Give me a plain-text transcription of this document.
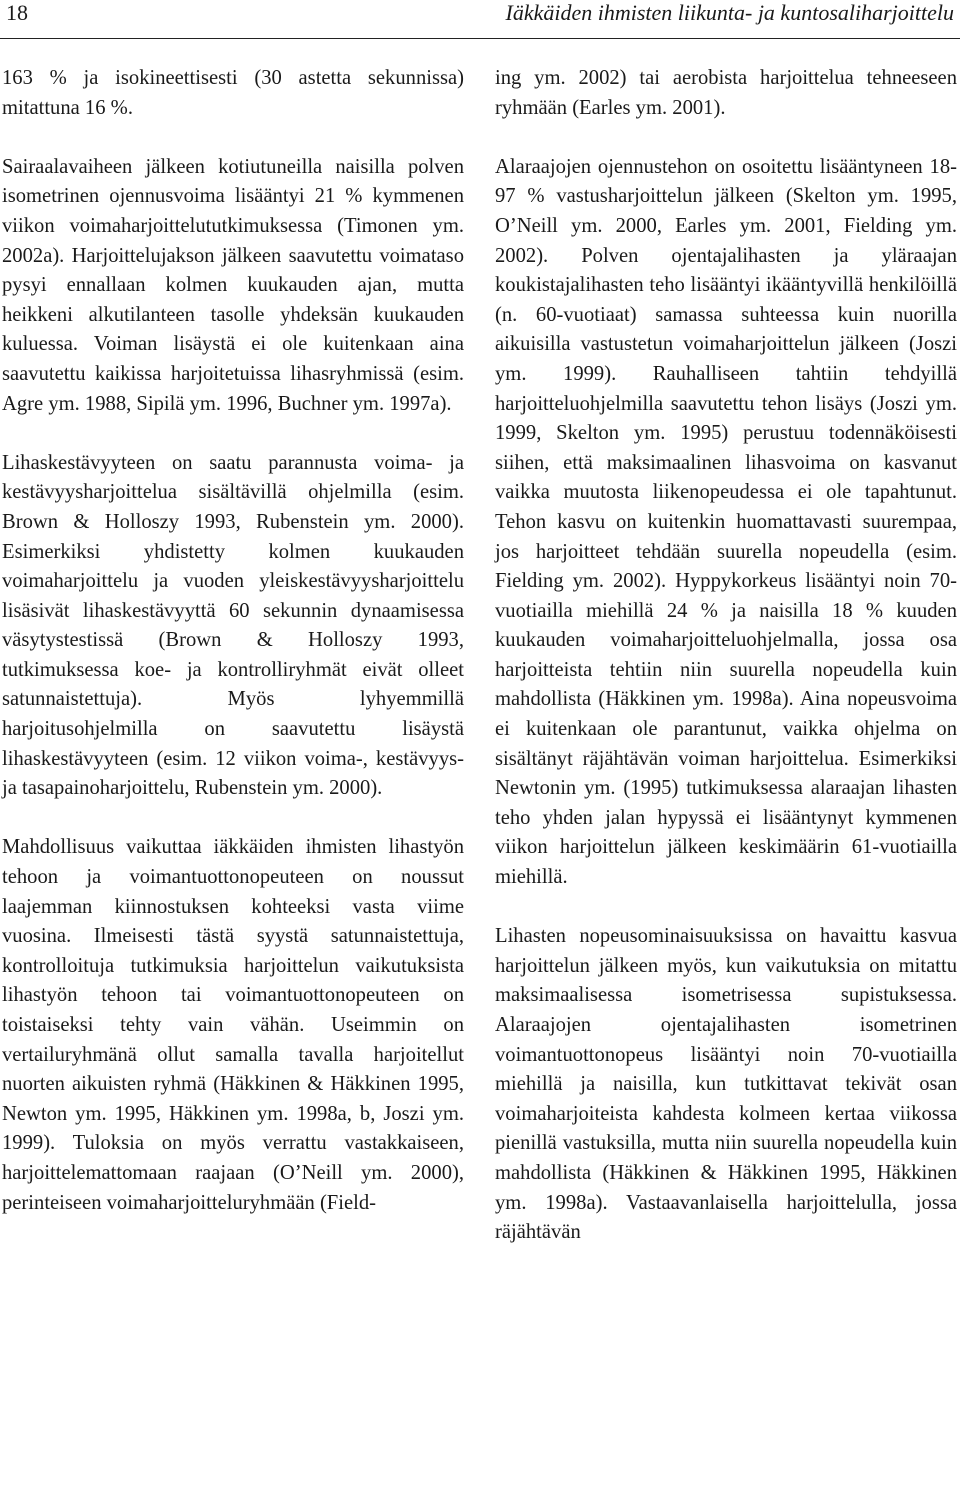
18	Iäkkäiden ihmisten liikunta- ja kuntosaliharjoittelu

163 % ja isokineettisesti (30 astetta sekunnissa) mitattuna 16 %.

Sairaalavaiheen jälkeen kotiutuneilla naisilla polven isometrinen ojennusvoima lisääntyi 21 % kymmenen viikon voimaharjoittelututkimuksessa (Timonen ym. 2002a). Harjoittelujakson jälkeen saavutettu voimataso pysyi ennallaan kolmen kuukauden ajan, mutta heikkeni alkutilanteen tasolle yhdeksän kuukauden kuluessa. Voiman lisäystä ei ole kuitenkaan aina saavutettu kaikissa harjoitetuissa lihasryhmissä (esim. Agre ym. 1988, Sipilä ym. 1996, Buchner ym. 1997a).

Lihaskestävyyteen on saatu parannusta voima- ja kestävyysharjoittelua sisältävillä ohjelmilla (esim. Brown & Holloszy 1993, Rubenstein ym. 2000). Esimerkiksi yhdistetty kolmen kuukauden voimaharjoittelu ja vuoden yleiskestävyysharjoittelu lisäsivät lihaskestävyyttä 60 sekunnin dynaamisessa väsytystestissä (Brown & Holloszy 1993, tutkimuksessa koe- ja kontrolliryhmät eivät olleet satunnaistettuja). Myös lyhyemmillä harjoitusohjelmilla on saavutettu lisäystä lihaskestävyyteen (esim. 12 viikon voima-, kestävyys- ja tasapainoharjoittelu, Rubenstein ym. 2000).

Mahdollisuus vaikuttaa iäkkäiden ihmisten lihastyön tehoon ja voimantuottonopeuteen on noussut laajemman kiinnostuksen kohteeksi vasta viime vuosina. Ilmeisesti tästä syystä satunnaistettuja, kontrolloituja tutkimuksia harjoittelun vaikutuksista lihastyön tehoon tai voimantuottonopeuteen on toistaiseksi tehty vain vähän. Useimmin on vertailuryhmänä ollut samalla tavalla harjoitellut nuorten aikuisten ryhmä (Häkkinen & Häkkinen 1995, Newton ym. 1995, Häkkinen ym. 1998a, b, Joszi ym. 1999). Tuloksia on myös verrattu vastakkaiseen, harjoittelemattomaan raajaan (O’Neill ym. 2000), perinteiseen voimaharjoitteluryhmään (Field-

ing ym. 2002) tai aerobista harjoittelua tehneeseen ryhmään (Earles ym. 2001).

Alaraajojen ojennustehon on osoitettu lisääntyneen 18-97 % vastusharjoittelun jälkeen (Skelton ym. 1995, O’Neill ym. 2000, Earles ym. 2001, Fielding ym. 2002). Polven ojentajalihasten ja yläraajan koukistajalihasten teho lisääntyi ikääntyvillä henkilöillä (n. 60-vuotiaat) samassa suhteessa kuin nuorilla aikuisilla vastustetun voimaharjoittelun jälkeen (Joszi ym. 1999). Rauhalliseen tahtiin tehdyillä harjoitteluohjelmilla saavutettu tehon lisäys (Joszi ym. 1999, Skelton ym. 1995) perustuu todennäköisesti siihen, että maksimaalinen lihasvoima on kasvanut vaikka muutosta liikenopeudessa ei ole tapahtunut. Tehon kasvu on kuitenkin huomattavasti suurempaa, jos harjoitteet tehdään suurella nopeudella (esim. Fielding ym. 2002). Hyppykorkeus lisääntyi noin 70-vuotiailla miehillä 24 % ja naisilla 18 % kuuden kuukauden voimaharjoitteluohjelmalla, jossa osa harjoitteista tehtiin niin suurella nopeudella kuin mahdollista (Häkkinen ym. 1998a). Aina nopeusvoima ei kuitenkaan ole parantunut, vaikka ohjelma on sisältänyt räjähtävän voiman harjoittelua. Esimerkiksi Newtonin ym. (1995) tutkimuksessa alaraajan lihasten teho yhden jalan hypyssä ei lisääntynyt kymmenen viikon harjoittelun jälkeen keskimäärin 61-vuotiailla miehillä.

Lihasten nopeusominaisuuksissa on havaittu kasvua harjoittelun jälkeen myös, kun vaikutuksia on mitattu maksimaalisessa isometrisessa supistuksessa. Alaraajojen ojentajalihasten isometrinen voimantuottonopeus lisääntyi noin 70-vuotiailla miehillä ja naisilla, kun tutkittavat tekivät osan voimaharjoiteista kahdesta kolmeen kertaa viikossa pienillä vastuksilla, mutta niin suurella nopeudella kuin mahdollista (Häkkinen & Häkkinen 1995, Häkkinen ym. 1998a). Vastaavanlaisella harjoittelulla, jossa räjähtävän
